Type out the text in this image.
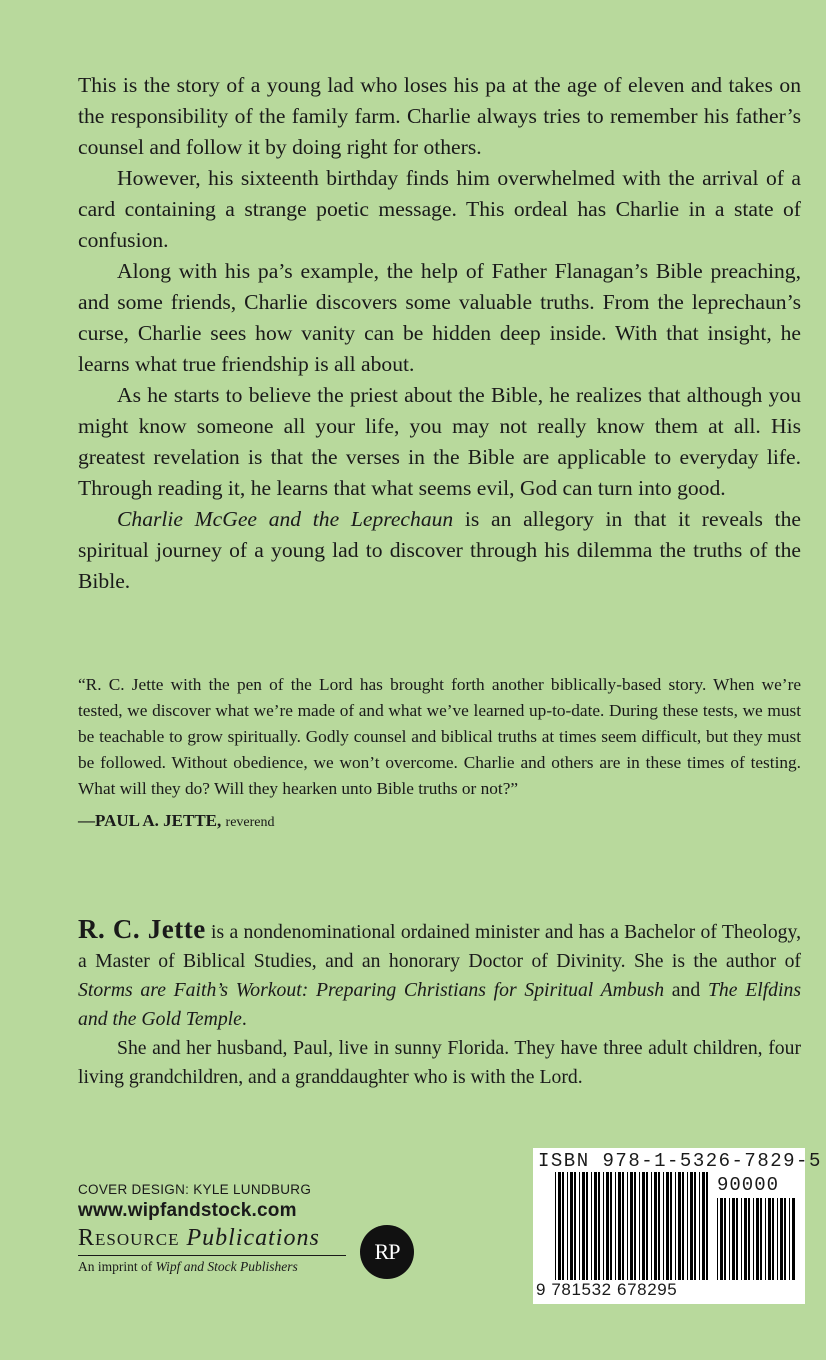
This is the story of a young lad who loses his pa at the age of eleven and takes on the responsibility of the family farm. Charlie always tries to remember his father’s counsel and follow it by doing right for others.

However, his sixteenth birthday finds him overwhelmed with the arrival of a card containing a strange poetic message. This ordeal has Charlie in a state of confusion.

Along with his pa’s example, the help of Father Flanagan’s Bible preaching, and some friends, Charlie discovers some valuable truths. From the leprechaun’s curse, Charlie sees how vanity can be hidden deep inside. With that insight, he learns what true friendship is all about.

As he starts to believe the priest about the Bible, he realizes that although you might know someone all your life, you may not really know them at all. His greatest revelation is that the verses in the Bible are applicable to everyday life. Through reading it, he learns that what seems evil, God can turn into good.

Charlie McGee and the Leprechaun is an allegory in that it reveals the spiritual journey of a young lad to discover through his dilemma the truths of the Bible.

“R. C. Jette with the pen of the Lord has brought forth another biblically-based story. When we’re tested, we discover what we’re made of and what we’ve learned up-to-date. During these tests, we must be teachable to grow spiritually. Godly counsel and biblical truths at times seem difficult, but they must be followed. Without obedience, we won’t overcome. Charlie and others are in these times of testing. What will they do? Will they hearken unto Bible truths or not?”

—PAUL A. JETTE, reverend

R. C. Jette is a nondenominational ordained minister and has a Bachelor of Theology, a Master of Biblical Studies, and an honorary Doctor of Divinity. She is the author of Storms are Faith’s Workout: Preparing Christians for Spiritual Ambush and The Elfdins and the Gold Temple.

She and her husband, Paul, live in sunny Florida. They have three adult children, four living grandchildren, and a granddaughter who is with the Lord.

COVER DESIGN: KYLE LUNDBURG
www.wipfandstock.com
Resource Publications
An imprint of Wipf and Stock Publishers
RP
ISBN 978-1-5326-7829-5
90000
9 781532 678295
